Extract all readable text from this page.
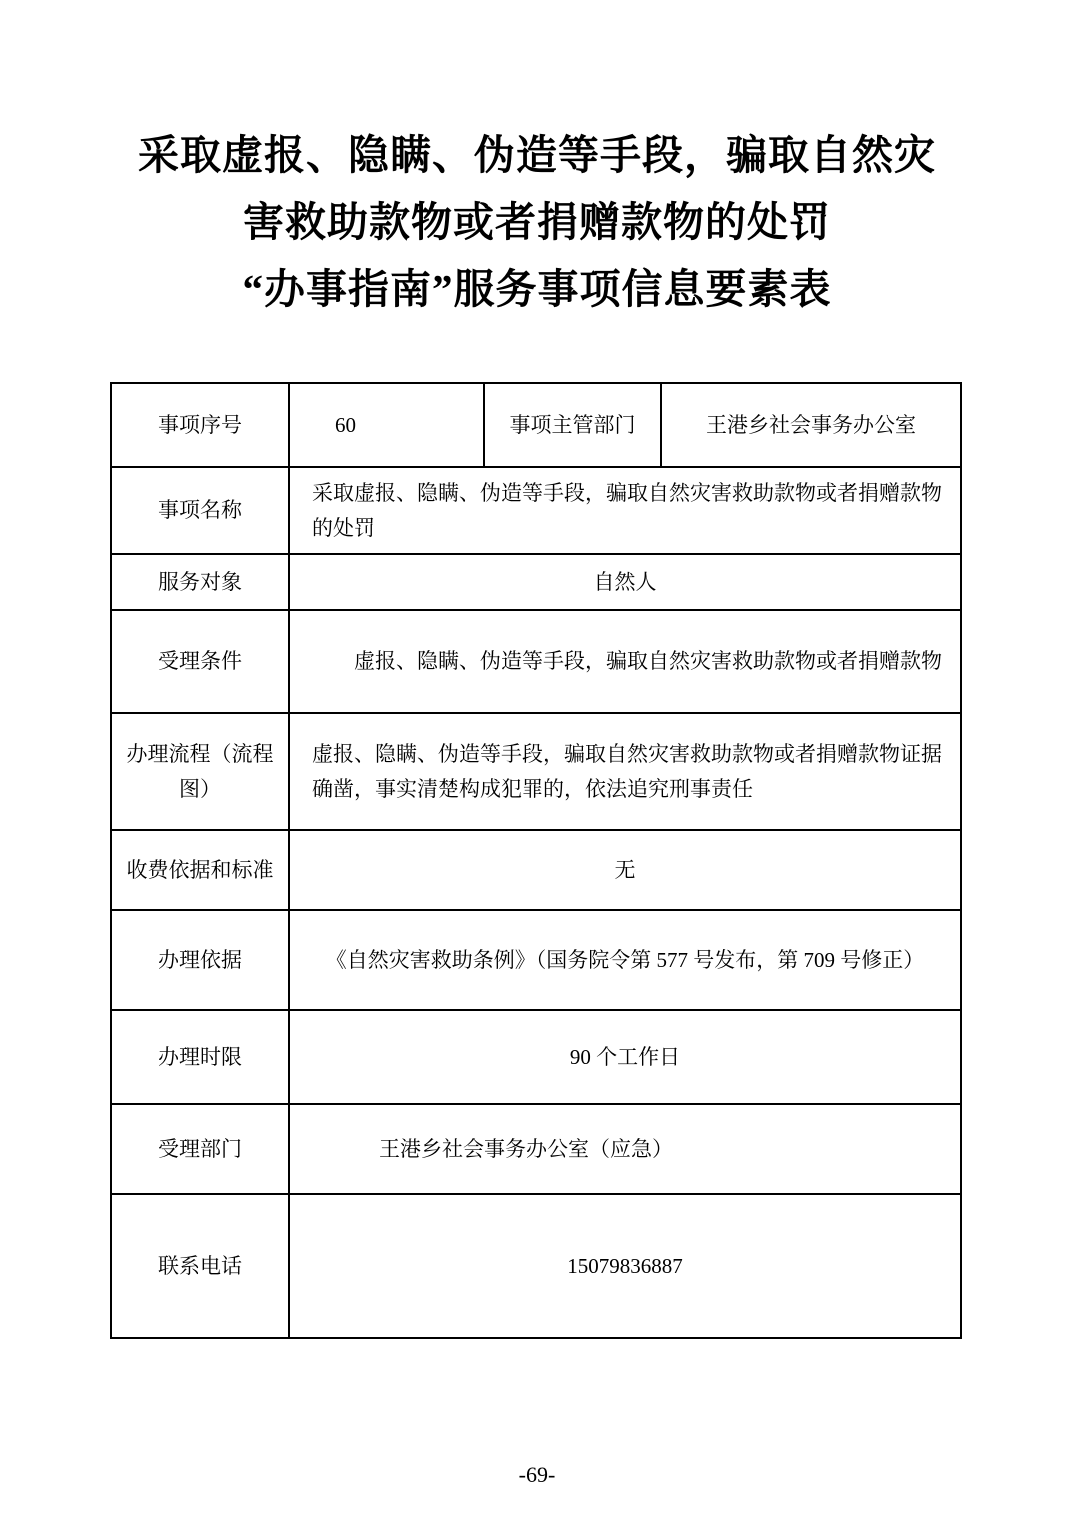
采取虚报、隐瞒、伪造等手段，骗取自然灾
害救助款物或者捐赠款物的处罚
“办事指南”服务事项信息要素表
事项序号	60	事项主管部门	王港乡社会事务办公室
事项名称	采取虚报、隐瞒、伪造等手段，骗取自然灾害救助款物或者捐赠款物的处罚		
服务对象	自然人		
受理条件	虚报、隐瞒、伪造等手段，骗取自然灾害救助款物或者捐赠款物		
办理流程（流程图）	虚报、隐瞒、伪造等手段，骗取自然灾害救助款物或者捐赠款物证据确凿，事实清楚构成犯罪的，依法追究刑事责任		
收费依据和标准	无		
办理依据	《自然灾害救助条例》（国务院令第 577 号发布，第 709 号修正）		
办理时限	90 个工作日		
受理部门	王港乡社会事务办公室（应急）		
联系电话	15079836887		
-69-
